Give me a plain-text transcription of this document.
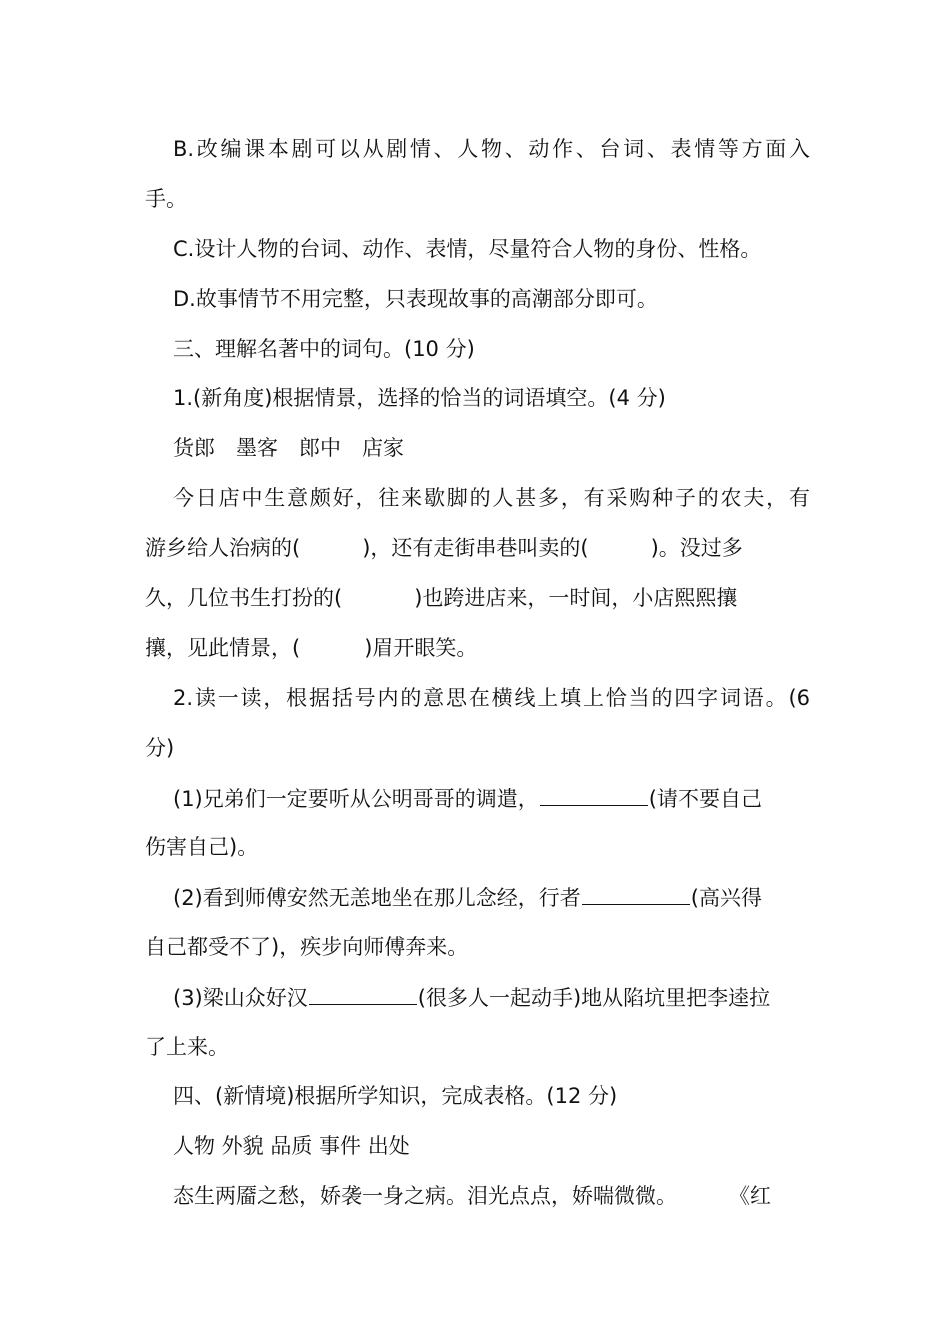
B.改编课本剧可以从剧情、人物、动作、台词、表情等方面入
手。
C.设计人物的台词、动作、表情，尽量符合人物的身份、性格。
D.故事情节不用完整，只表现故事的高潮部分即可。
三、理解名著中的词句。(10 分)
1.(新角度)根据情景，选择的恰当的词语填空。(4 分)
货郎　墨客　郎中　店家
今日店中生意颇好，往来歇脚的人甚多，有采购种子的农夫，有
游乡给人治病的(	)，还有走街串巷叫卖的(	)。没过多
久，几位书生打扮的(	)也跨进店来，一时间，小店熙熙攘
攘，见此情景，(	)眉开眼笑。
2.读一读，根据括号内的意思在横线上填上恰当的四字词语。(6
分)
(1)兄弟们一定要听从公明哥哥的调遣，	(请不要自己
伤害自己)。
(2)看到师傅安然无恙地坐在那儿念经，行者	(高兴得
自己都受不了)，疾步向师傅奔来。
(3)梁山众好汉	(很多人一起动手)地从陷坑里把李逵拉
了上来。
四、(新情境)根据所学知识，完成表格。(12 分)
人物 外貌 品质 事件 出处
态生两靥之愁，娇袭一身之病。泪光点点，娇喘微微。 《红
